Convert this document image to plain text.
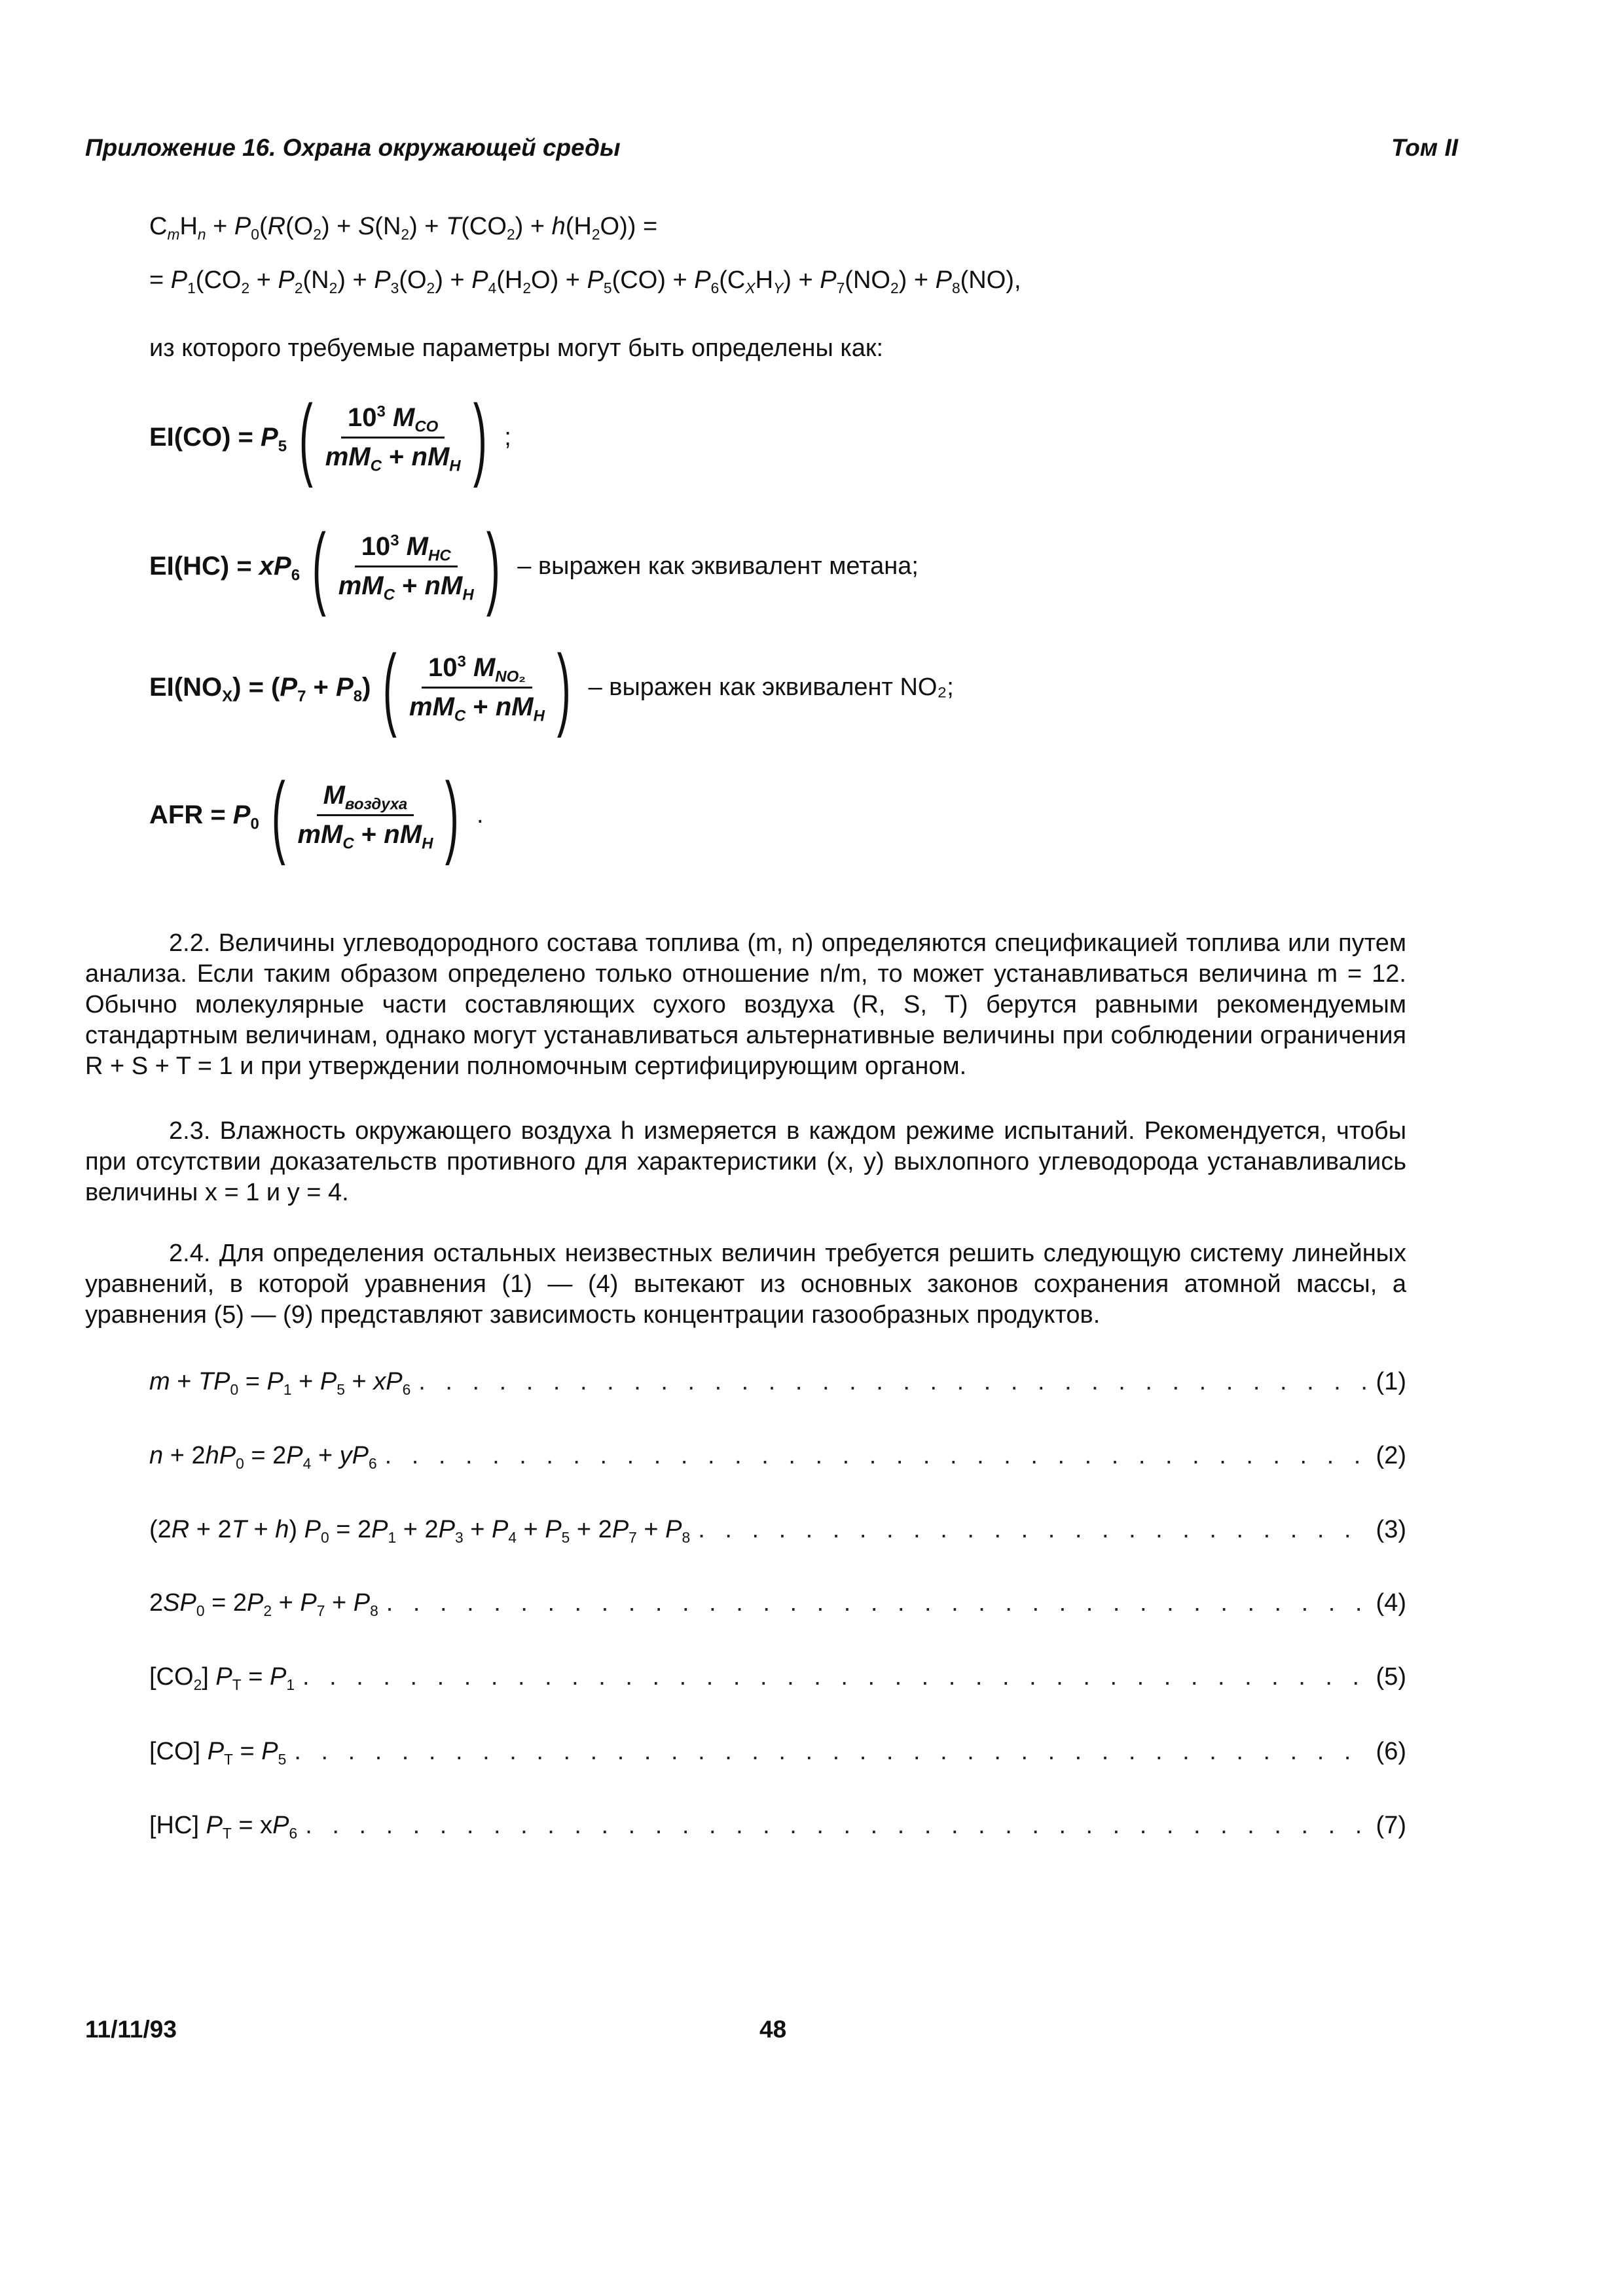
Приложение 16. Охрана окружающей среды	Том II
$C_mH_n + P_0(R(O_2) + S(N_2) + T(CO_2) + h(H_2O))$ =
= $P_1(CO_2 + P_2(N_2) + P_3(O_2) + P_4(H_2O) + P_5(CO) + P_6(C_XH_Y) + P_7(NO_2) + P_8(NO)$,
из которого требуемые параметры могут быть определены как:
$EI(CO) = P_5$ ( $\frac{10^3 M_{CO}}{mM_C + nM_H}$ ) ;
$EI(HC) = xP_6$ ( $\frac{10^3 M_{HC}}{mM_C + nM_H}$ ) – выражен как эквивалент метана;
$EI(NO_X) = (P_7 + P_8)$ ( $\frac{10^3 M_{NO_2}}{mM_C + nM_H}$ ) – выражен как эквивалент NO₂;
AFR = $P_0$ ( $\frac{M_{воздуха}}{mM_C + nM_H}$ ) .

2.2. Величины углеводородного состава топлива (m, n) определяются спецификацией топлива или путем анализа. Если таким образом определено только отношение n/m, то может устанавливаться величина m = 12. Обычно молекулярные части составляющих сухого воздуха (R, S, T) берутся равными рекомендуемым стандартным величинам, однако могут устанавливаться альтернативные величины при соблюдении ограничения R + S + T = 1 и при утверждении полномочным сертифицирующим органом.

2.3. Влажность окружающего воздуха h измеряется в каждом режиме испытаний. Рекомендуется, чтобы при отсутствии доказательств противного для характеристики (x, y) выхлопного углеводорода устанавливались величины x = 1 и y = 4.

2.4. Для определения остальных неизвестных величин требуется решить следующую систему линейных уравнений, в которой уравнения (1) — (4) вытекают из основных законов сохранения атомной массы, а уравнения (5) — (9) представляют зависимость концентрации газообразных продуктов.

$m + TP_0 = P_1 + P_5 + xP_6$ . . .	(1)
$n + 2hP_0 = 2P_4 + yP_6$ . . .	(2)
(2R + 2T + h) $P_0 = 2P_1 + 2P_3 + P_4 + P_5 + 2P_7 + P_8$ . . .	(3)
$2SP_0 = 2P_2 + P_7 + P_8$ . . .	(4)
$[CO_2] P_T = P_1$ . . .	(5)
[CO] $P_T = P_5$ . . .	(6)
[HC] $P_T = xP_6$ . . .	(7)
11/11/93	48
